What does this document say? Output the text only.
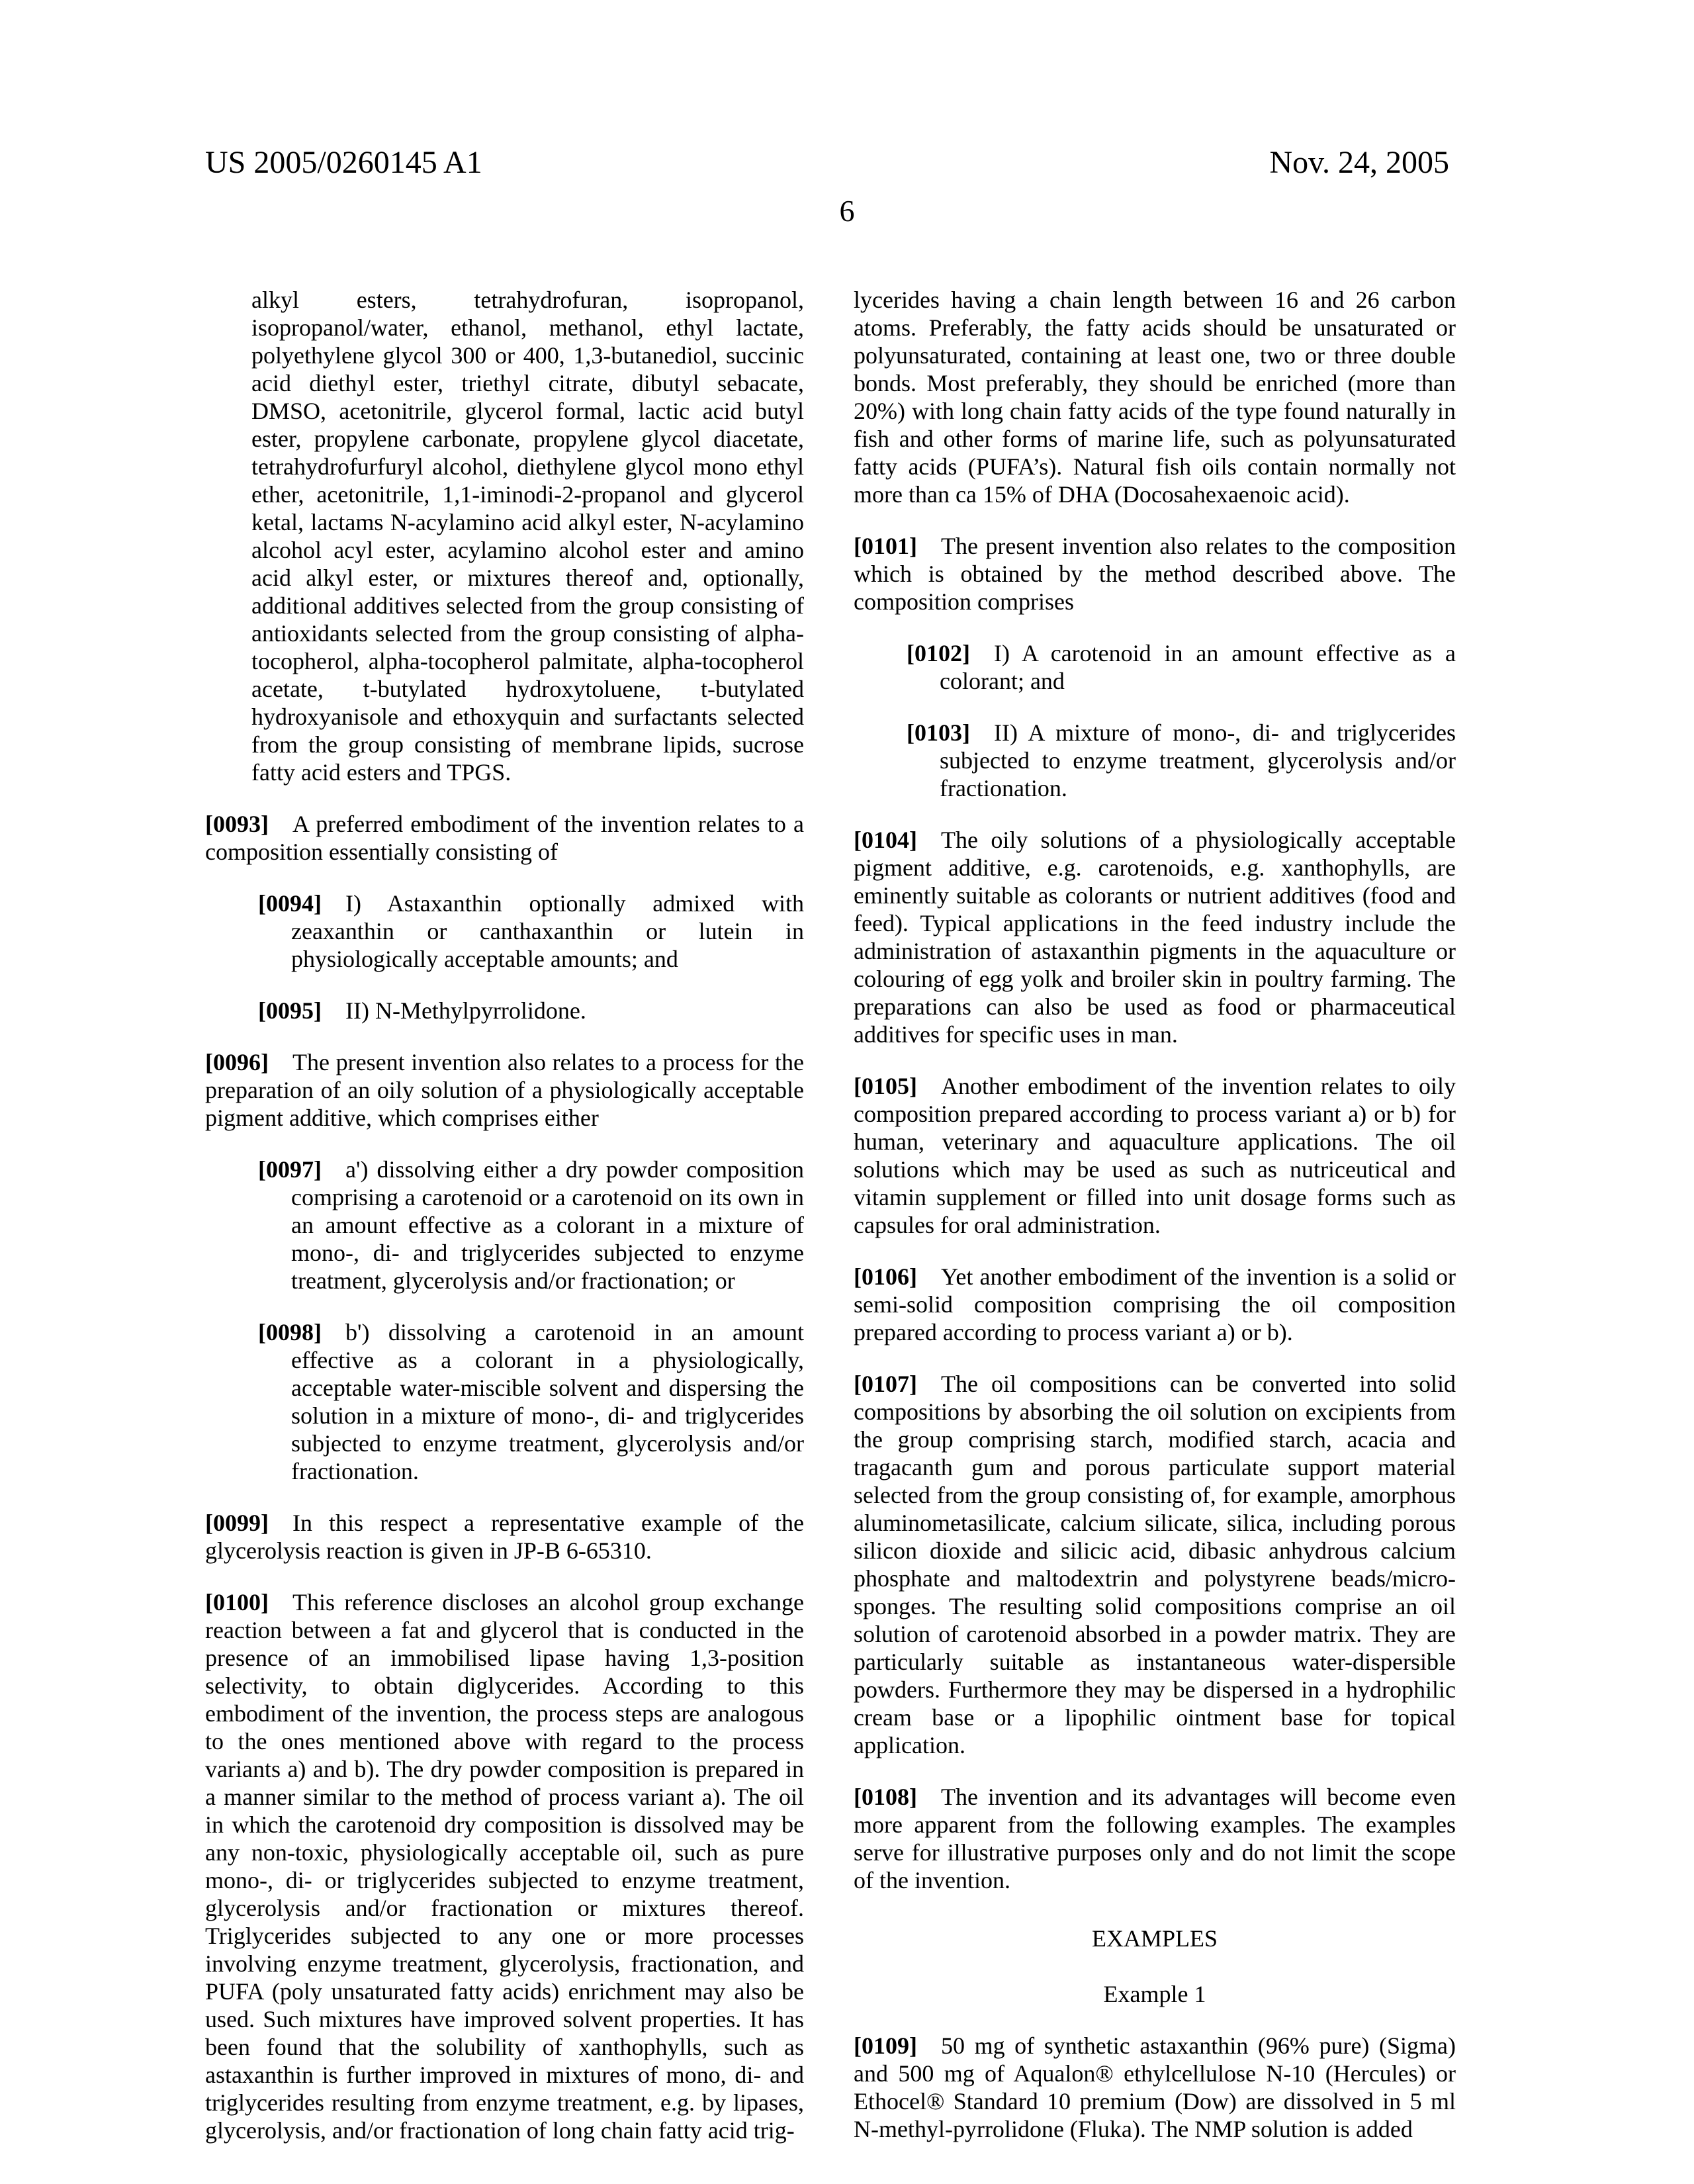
US 2005/0260145 A1	Nov. 24, 2005
6
alkyl esters, tetrahydrofuran, isopropanol, isopropanol/water, ethanol, methanol, ethyl lactate, polyethylene glycol 300 or 400, 1,3-butanediol, succinic acid diethyl ester, triethyl citrate, dibutyl sebacate, DMSO, acetonitrile, glycerol formal, lactic acid butyl ester, propylene carbonate, propylene glycol diacetate, tetrahydrofurfuryl alcohol, diethylene glycol mono ethyl ether, acetonitrile, 1,1-iminodi-2-propanol and glycerol ketal, lactams N-acylamino acid alkyl ester, N-acylamino alcohol acyl ester, acylamino alcohol ester and amino acid alkyl ester, or mixtures thereof and, optionally, additional additives selected from the group consisting of antioxidants selected from the group consisting of alpha-tocopherol, alpha-tocopherol palmitate, alpha-tocopherol acetate, t-butylated hydroxytoluene, t-butylated hydroxyanisole and ethoxyquin and surfactants selected from the group consisting of membrane lipids, sucrose fatty acid esters and TPGS.
[0093] A preferred embodiment of the invention relates to a composition essentially consisting of
[0094] I) Astaxanthin optionally admixed with zeaxanthin or canthaxanthin or lutein in physiologically acceptable amounts; and
[0095] II) N-Methylpyrrolidone.
[0096] The present invention also relates to a process for the preparation of an oily solution of a physiologically acceptable pigment additive, which comprises either
[0097] a') dissolving either a dry powder composition comprising a carotenoid or a carotenoid on its own in an amount effective as a colorant in a mixture of mono-, di- and triglycerides subjected to enzyme treatment, glycerolysis and/or fractionation; or
[0098] b') dissolving a carotenoid in an amount effective as a colorant in a physiologically, acceptable water-miscible solvent and dispersing the solution in a mixture of mono-, di- and triglycerides subjected to enzyme treatment, glycerolysis and/or fractionation.
[0099] In this respect a representative example of the glycerolysis reaction is given in JP-B 6-65310.
[0100] This reference discloses an alcohol group exchange reaction between a fat and glycerol that is conducted in the presence of an immobilised lipase having 1,3-position selectivity, to obtain diglycerides. According to this embodiment of the invention, the process steps are analogous to the ones mentioned above with regard to the process variants a) and b). The dry powder composition is prepared in a manner similar to the method of process variant a). The oil in which the carotenoid dry composition is dissolved may be any non-toxic, physiologically acceptable oil, such as pure mono-, di- or triglycerides subjected to enzyme treatment, glycerolysis and/or fractionation or mixtures thereof. Triglycerides subjected to any one or more processes involving enzyme treatment, glycerolysis, fractionation, and PUFA (poly unsaturated fatty acids) enrichment may also be used. Such mixtures have improved solvent properties. It has been found that the solubility of xanthophylls, such as astaxanthin is further improved in mixtures of mono, di- and triglycerides resulting from enzyme treatment, e.g. by lipases, glycerolysis, and/or fractionation of long chain fatty acid trig-
lycerides having a chain length between 16 and 26 carbon atoms. Preferably, the fatty acids should be unsaturated or polyunsaturated, containing at least one, two or three double bonds. Most preferably, they should be enriched (more than 20%) with long chain fatty acids of the type found naturally in fish and other forms of marine life, such as polyunsaturated fatty acids (PUFA’s). Natural fish oils contain normally not more than ca 15% of DHA (Docosahexaenoic acid).
[0101] The present invention also relates to the composition which is obtained by the method described above. The composition comprises
[0102] I) A carotenoid in an amount effective as a colorant; and
[0103] II) A mixture of mono-, di- and triglycerides subjected to enzyme treatment, glycerolysis and/or fractionation.
[0104] The oily solutions of a physiologically acceptable pigment additive, e.g. carotenoids, e.g. xanthophylls, are eminently suitable as colorants or nutrient additives (food and feed). Typical applications in the feed industry include the administration of astaxanthin pigments in the aquaculture or colouring of egg yolk and broiler skin in poultry farming. The preparations can also be used as food or pharmaceutical additives for specific uses in man.
[0105] Another embodiment of the invention relates to oily composition prepared according to process variant a) or b) for human, veterinary and aquaculture applications. The oil solutions which may be used as such as nutriceutical and vitamin supplement or filled into unit dosage forms such as capsules for oral administration.
[0106] Yet another embodiment of the invention is a solid or semi-solid composition comprising the oil composition prepared according to process variant a) or b).
[0107] The oil compositions can be converted into solid compositions by absorbing the oil solution on excipients from the group comprising starch, modified starch, acacia and tragacanth gum and porous particulate support material selected from the group consisting of, for example, amorphous aluminometasilicate, calcium silicate, silica, including porous silicon dioxide and silicic acid, dibasic anhydrous calcium phosphate and maltodextrin and polystyrene beads/micro-sponges. The resulting solid compositions comprise an oil solution of carotenoid absorbed in a powder matrix. They are particularly suitable as instantaneous water-dispersible powders. Furthermore they may be dispersed in a hydrophilic cream base or a lipophilic ointment base for topical application.
[0108] The invention and its advantages will become even more apparent from the following examples. The examples serve for illustrative purposes only and do not limit the scope of the invention.
EXAMPLES
Example 1
[0109] 50 mg of synthetic astaxanthin (96% pure) (Sigma) and 500 mg of Aqualon® ethylcellulose N-10 (Hercules) or Ethocel® Standard 10 premium (Dow) are dissolved in 5 ml N-methyl-pyrrolidone (Fluka). The NMP solution is added
